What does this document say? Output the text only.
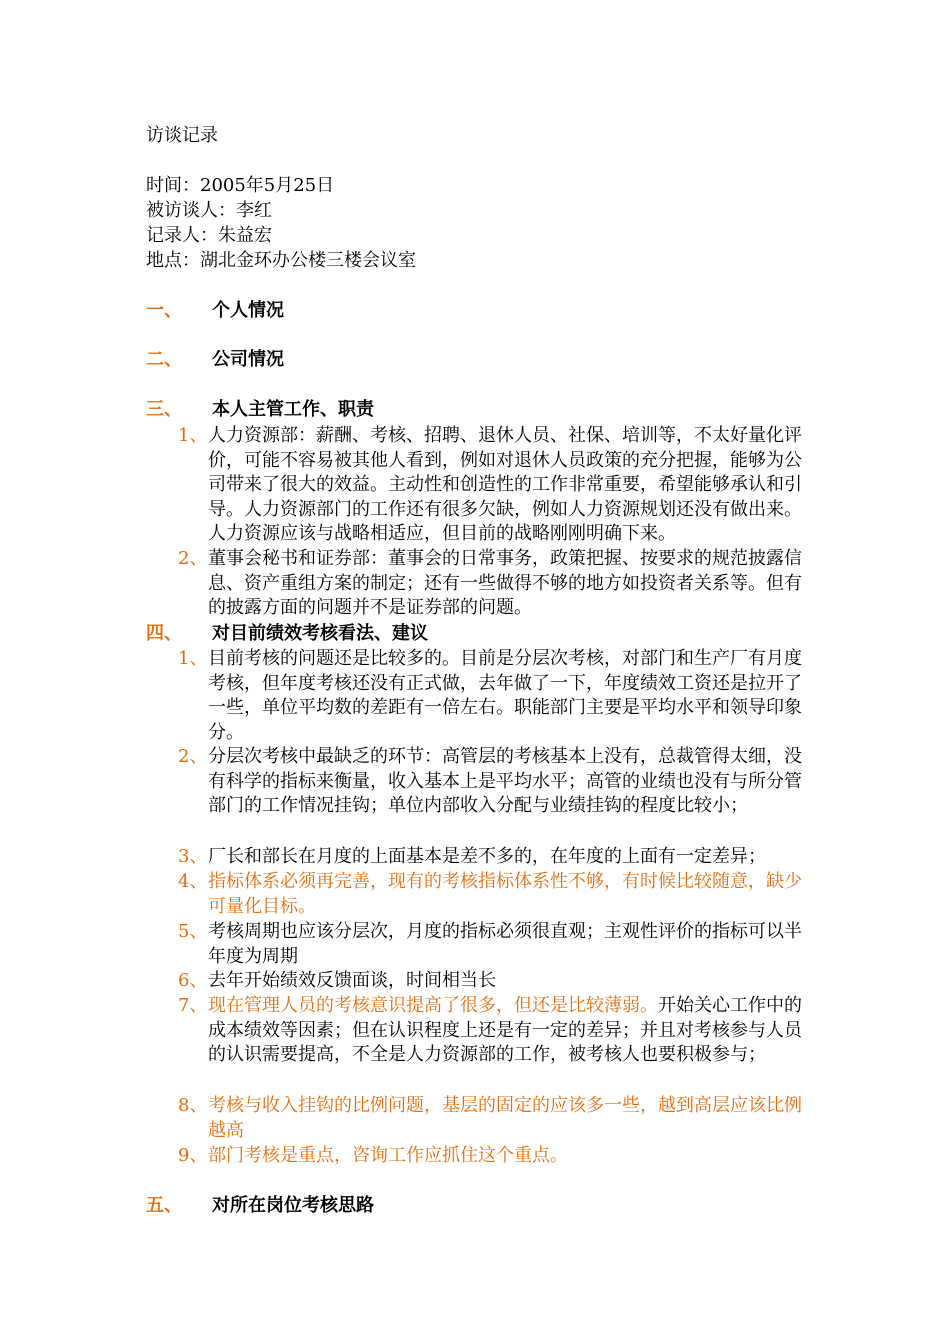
访谈记录
时间：2005年5月25日
被访谈人：李红
记录人：朱益宏
地点：湖北金环办公楼三楼会议室
一、 个人情况
二、 公司情况
三、 本人主管工作、职责
1、 人力资源部：薪酬、考核、招聘、退休人员、社保、培训等，不太好量化评价，可能不容易被其他人看到，例如对退休人员政策的充分把握，能够为公司带来了很大的效益。主动性和创造性的工作非常重要，希望能够承认和引导。人力资源部门的工作还有很多欠缺，例如人力资源规划还没有做出来。人力资源应该与战略相适应，但目前的战略刚刚明确下来。
2、 董事会秘书和证券部：董事会的日常事务，政策把握、按要求的规范披露信息、资产重组方案的制定；还有一些做得不够的地方如投资者关系等。但有的披露方面的问题并不是证券部的问题。
四、 对目前绩效考核看法、建议
1、 目前考核的问题还是比较多的。目前是分层次考核，对部门和生产厂有月度考核，但年度考核还没有正式做，去年做了一下，年度绩效工资还是拉开了一些，单位平均数的差距有一倍左右。职能部门主要是平均水平和领导印象分。
2、 分层次考核中最缺乏的环节：高管层的考核基本上没有，总裁管得太细，没有科学的指标来衡量，收入基本上是平均水平；高管的业绩也没有与所分管部门的工作情况挂钩；单位内部收入分配与业绩挂钩的程度比较小；
3、 厂长和部长在月度的上面基本是差不多的，在年度的上面有一定差异；
4、 指标体系必须再完善，现有的考核指标体系性不够，有时候比较随意，缺少可量化目标。
5、 考核周期也应该分层次，月度的指标必须很直观；主观性评价的指标可以半年度为周期
6、 去年开始绩效反馈面谈，时间相当长
7、 现在管理人员的考核意识提高了很多，但还是比较薄弱。开始关心工作中的成本绩效等因素；但在认识程度上还是有一定的差异；并且对考核参与人员的认识需要提高，不全是人力资源部的工作，被考核人也要积极参与；
8、 考核与收入挂钩的比例问题，基层的固定的应该多一些，越到高层应该比例越高
9、 部门考核是重点，咨询工作应抓住这个重点。
五、 对所在岗位考核思路
